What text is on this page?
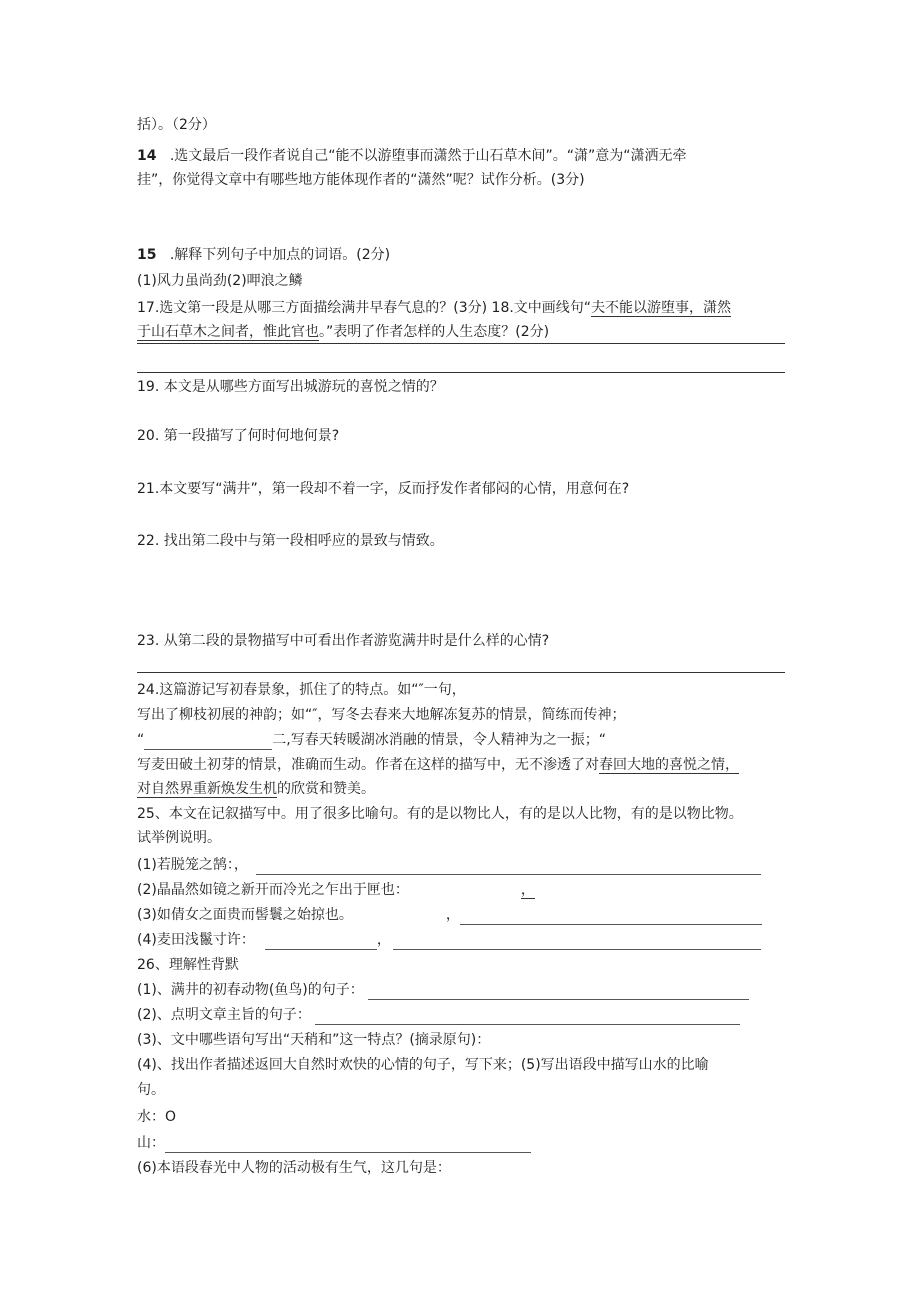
括）。（2分）
14 .选文最后一段作者说自己“能不以游堕事而潇然于山石草木间”。“潇”意为“潇洒无牵
挂”，你觉得文章中有哪些地方能体现作者的“潇然”呢？试作分析。(3分)
15 .解释下列句子中加点的词语。(2分)
(1)风力虽尚劲(2)呷浪之鳞
17.选文第一段是从哪三方面描绘满井早春气息的？(3分) 18.文中画线句“夫不能以游堕事，潇然
于山石草木之间者，惟此官也。”表明了作者怎样的人生态度？(2分)
19. 本文是从哪些方面写出城游玩的喜悦之情的？
20. 第一段描写了何时何地何景?
21.本文要写“满井”，第一段却不着一字，反而抒发作者郁闷的心情，用意何在?
22. 找出第二段中与第一段相呼应的景致与情致。
23. 从第二段的景物描写中可看出作者游览满井时是什么样的心情?
24.这篇游记写初春景象，抓住了的特点。如“″一句，
写出了柳枝初展的神韵；如“″，写冬去春来大地解冻复苏的情景，简练而传神；
“	二,写春天转暖湖冰消融的情景，令人精神为之一振；“
写麦田破土初芽的情景，准确而生动。作者在这样的描写中，无不渗透了对春回大地的喜悦之情，
对自然界重新焕发生机的欣赏和赞美。
25、本文在记叙描写中。用了很多比喻句。有的是以物比人，有的是以人比物，有的是以物比物。
试举例说明。
(1)若脱笼之鹄：，
(2)晶晶然如镜之新开而冷光之乍出于匣也：	，
(3)如倩女之面贵而髻鬟之始掠也。	，
(4)麦田浅鬣寸许：	，
26、理解性背默
(1)、满井的初春动物(鱼鸟)的句子：
(2)、点明文章主旨的句子：
(3)、文中哪些语句写出“天稍和”这一特点？(摘录原句)：
(4)、找出作者描述返回大自然时欢快的心情的句子，写下来；(5)写出语段中描写山水的比喻
句。
水：O
山：
(6)本语段春光中人物的活动极有生气，这几句是：
